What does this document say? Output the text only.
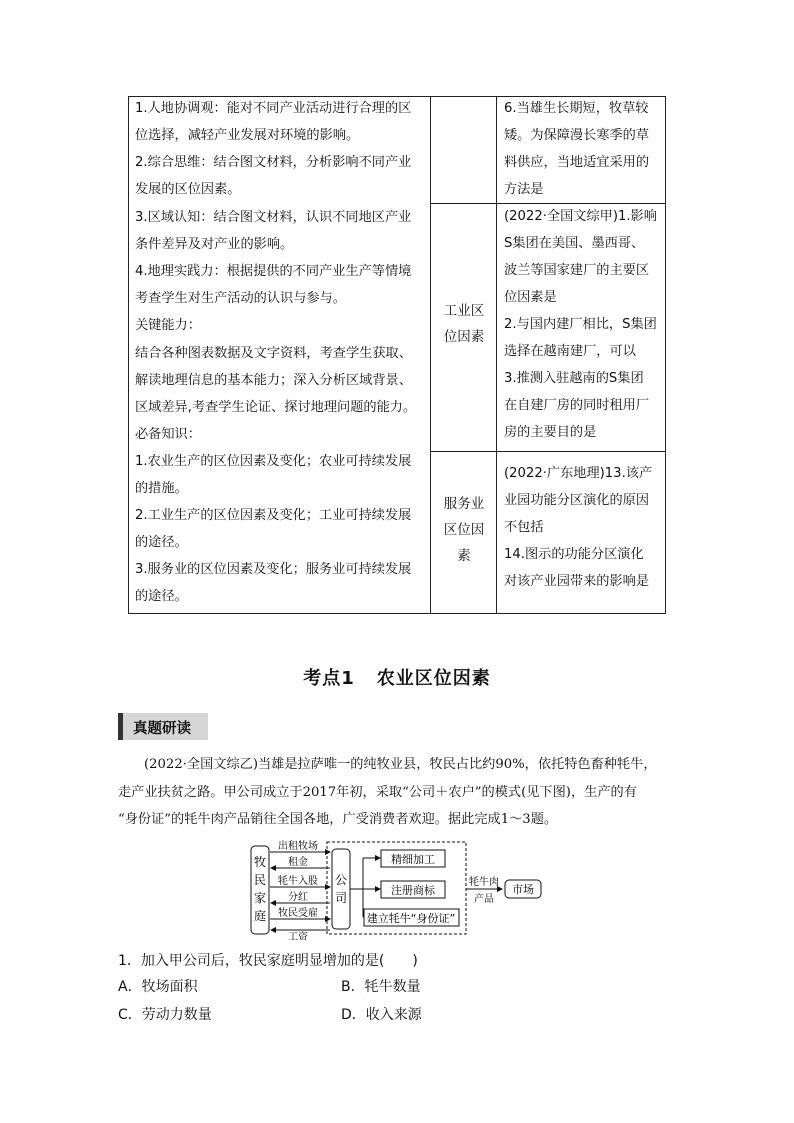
1.人地协调观：能对不同产业活动进行合理的区

位选择，减轻产业发展对环境的影响。

2.综合思维：结合图文材料，分析影响不同产业

发展的区位因素。

3.区域认知：结合图文材料，认识不同地区产业

条件差异及对产业的影响。

4.地理实践力：根据提供的不同产业生产等情境

考查学生对生产活动的认识与参与。

关键能力：

结合各种图表数据及文字资料，考查学生获取、

解读地理信息的基本能力；深入分析区域背景、

区域差异,考查学生论证、探讨地理问题的能力。

必备知识：

1.农业生产的区位因素及变化；农业可持续发展

的措施。

2.工业生产的区位因素及变化；工业可持续发展

的途径。

3.服务业的区位因素及变化；服务业可持续发展

的途径。

6.当雄生长期短，牧草较

矮。为保障漫长寒季的草

料供应，当地适宜采用的

方法是

工业区
位因素

(2022·全国文综甲)1.影响

S集团在美国、墨西哥、

波兰等国家建厂的主要区

位因素是

2.与国内建厂相比，S集团

选择在越南建厂，可以

3.推测入驻越南的S集团

在自建厂房的同时租用厂

房的主要目的是

服务业
区位因
素

(2022·广东地理)13.该产

业园功能分区演化的原因

不包括

14.图示的功能分区演化

对该产业园带来的影响是

考点1 农业区位因素
真题研读

(2022·全国文综乙)当雄是拉萨唯一的纯牧业县，牧民占比约90%，依托特色畜种牦牛，

走产业扶贫之路。甲公司成立于2017年初，采取“公司＋农户”的模式(见下图)，生产的有

“身份证”的牦牛肉产品销往全国各地，广受消费者欢迎。据此完成1～3题。

牧
民
家
庭
公
司
出租牧场
租金
牦牛入股
分红
牧民受雇
工资
精细加工
注册商标
建立牦牛“身份证”
牦牛肉
产品
市场

1．加入甲公司后，牧民家庭明显增加的是(　　)

A．牧场面积	B．牦牛数量

C．劳动力数量	D．收入来源
